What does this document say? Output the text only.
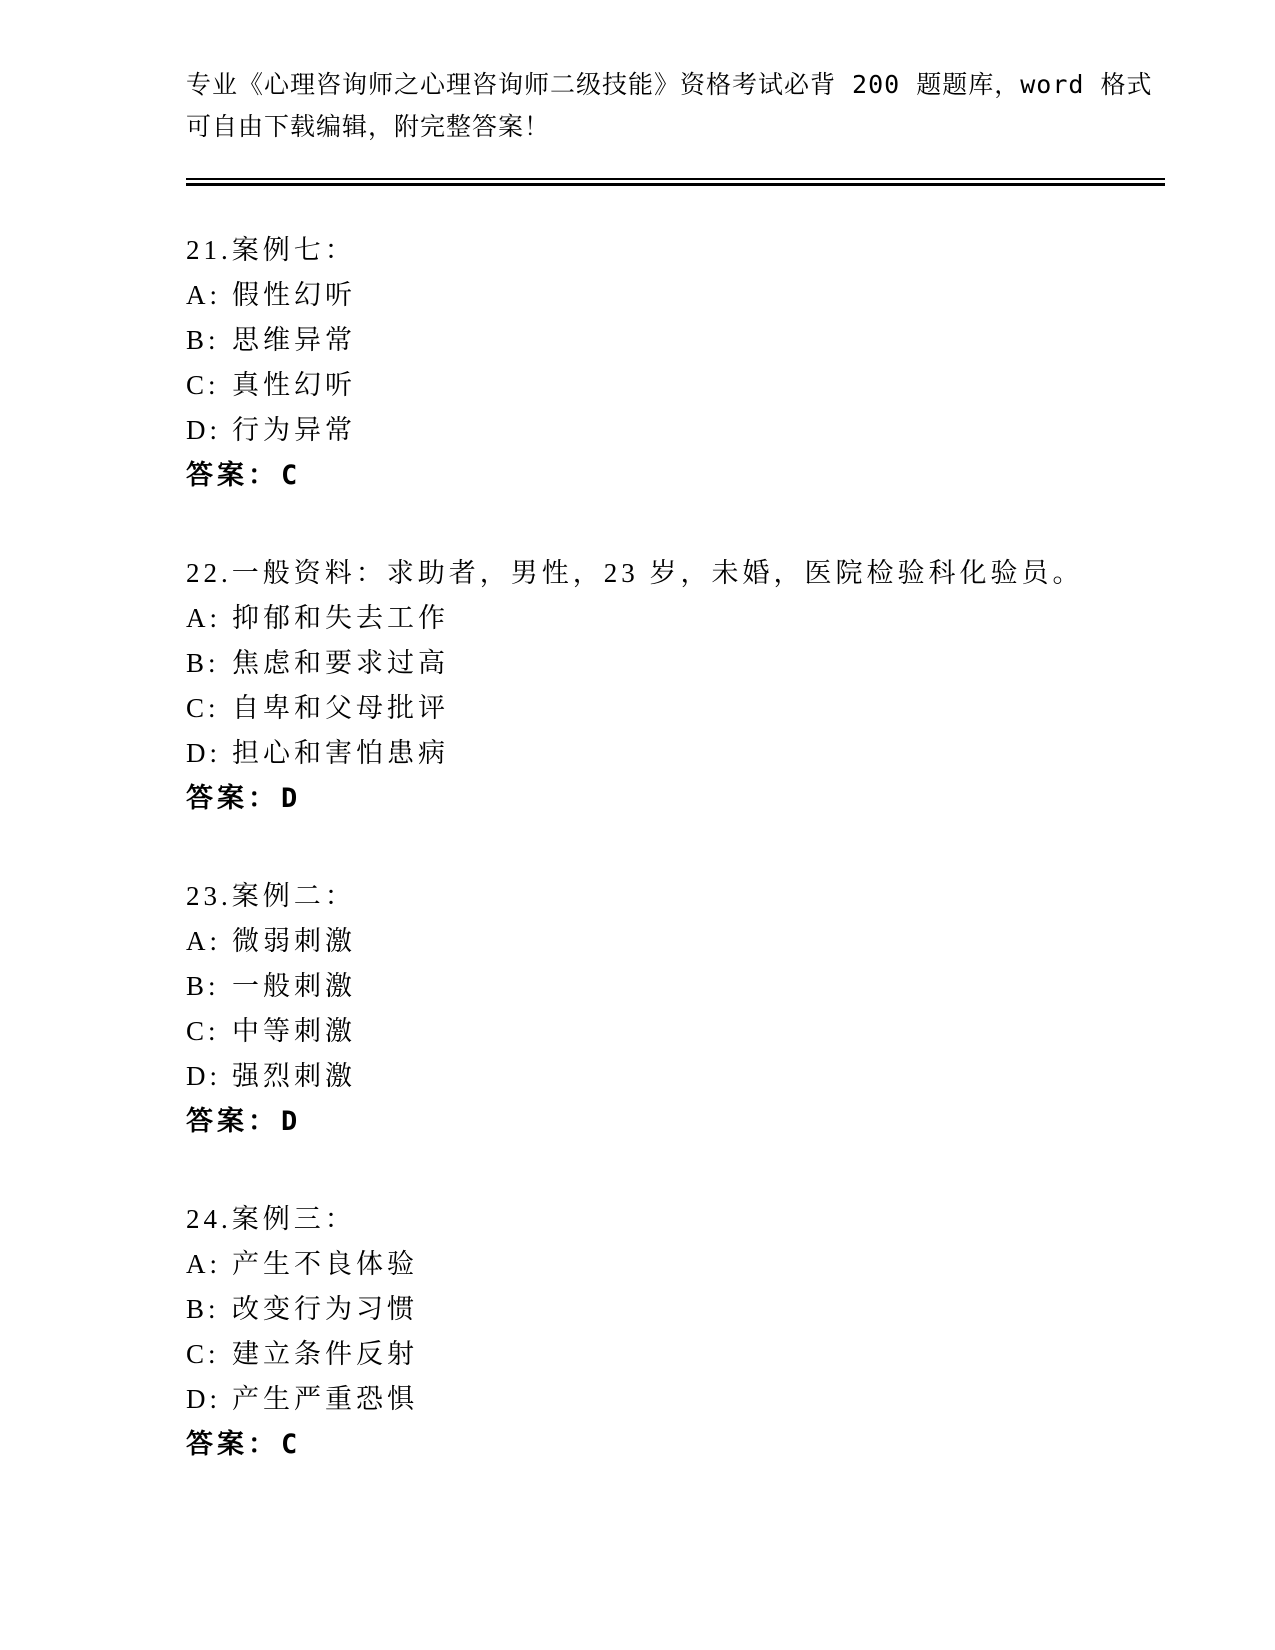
专业《心理咨询师之心理咨询师二级技能》资格考试必背 200 题题库，word 格式
可自由下载编辑，附完整答案！
21.案例七：
A: 假性幻听
B: 思维异常
C: 真性幻听
D: 行为异常
答案：C
22.一般资料：求助者，男性，23 岁，未婚，医院检验科化验员。
A: 抑郁和失去工作
B: 焦虑和要求过高
C: 自卑和父母批评
D: 担心和害怕患病
答案：D
23.案例二：
A: 微弱刺激
B: 一般刺激
C: 中等刺激
D: 强烈刺激
答案：D
24.案例三：
A: 产生不良体验
B: 改变行为习惯
C: 建立条件反射
D: 产生严重恐惧
答案：C
